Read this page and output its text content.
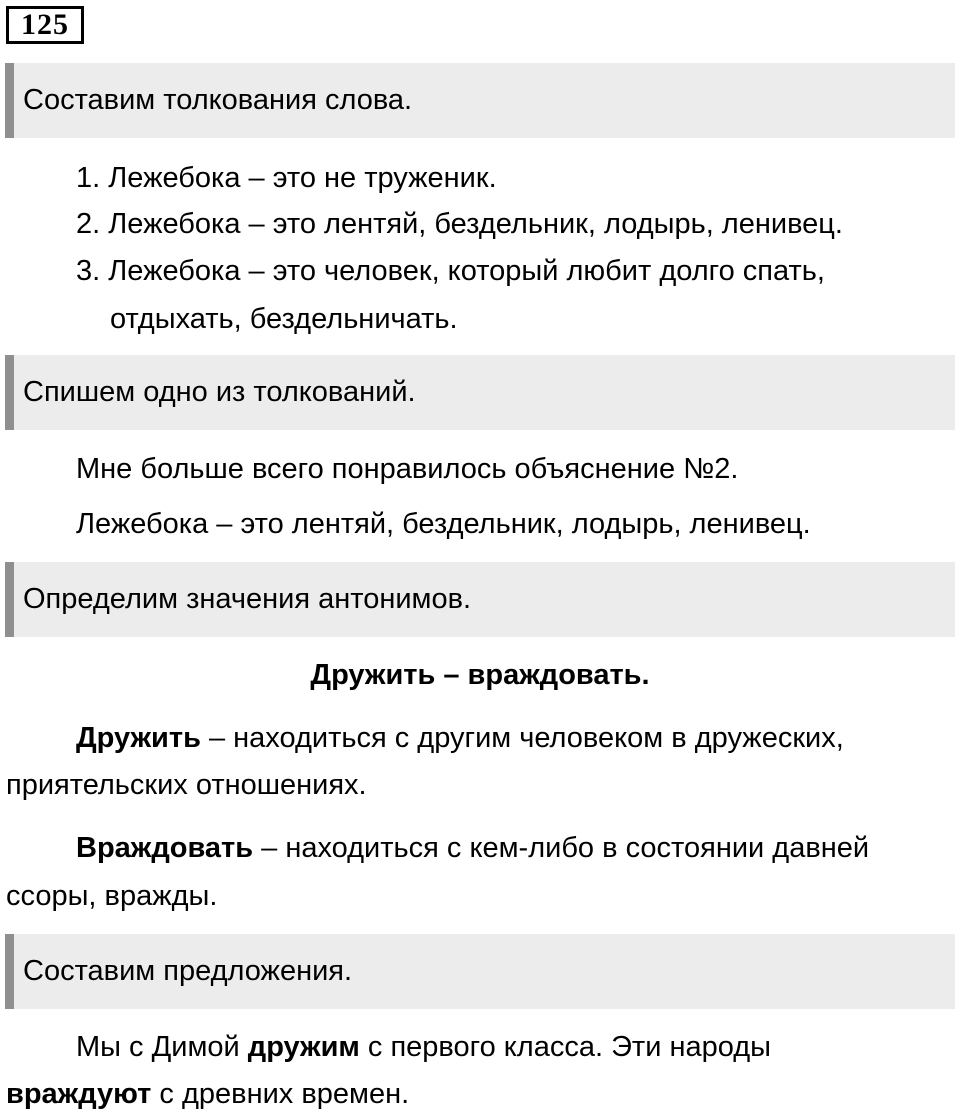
125
Составим толкования слова.
1. Лежебока – это не труженик.
2. Лежебока – это лентяй, бездельник, лодырь, ленивец.
3. Лежебока – это человек, который любит долго спать,
отдыхать, бездельничать.
Спишем одно из толкований.
Мне больше всего понравилось объяснение №2.
Лежебока – это лентяй, бездельник, лодырь, ленивец.
Определим значения антонимов.
Дружить – враждовать.
Дружить – находиться с другим человеком в дружеских,
приятельских отношениях.
Враждовать – находиться с кем-либо в состоянии давней
ссоры, вражды.
Составим предложения.
Мы с Димой дружим с первого класса. Эти народы
враждуют с древних времен.
